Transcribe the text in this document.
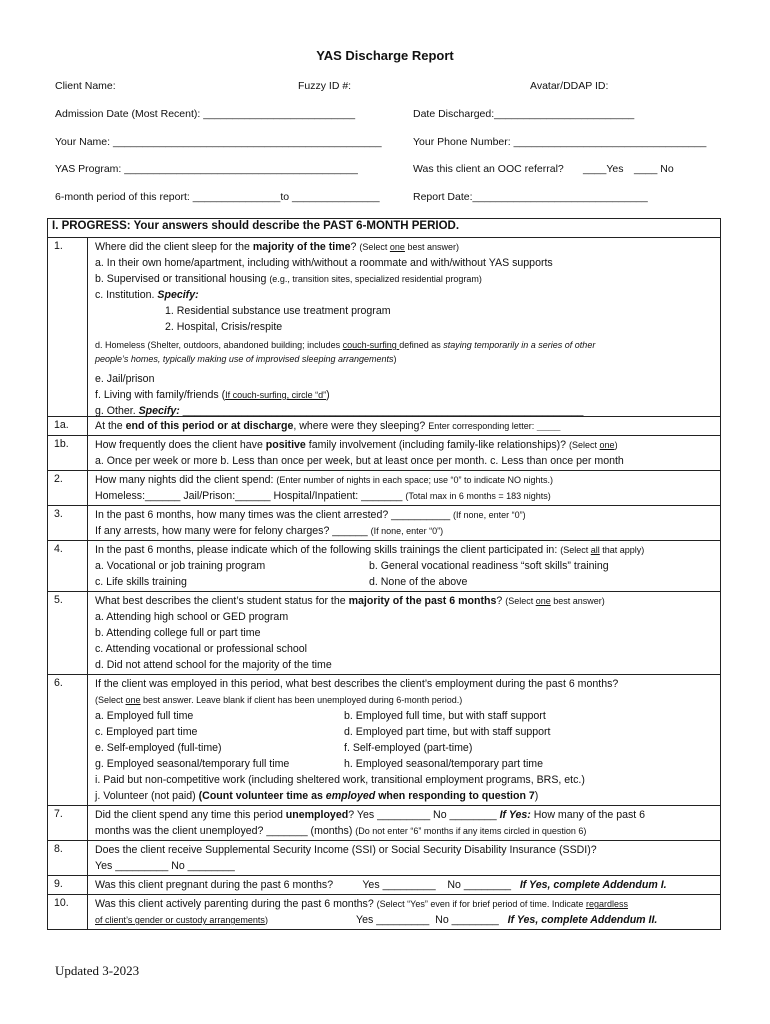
YAS Discharge Report
Client Name:	Fuzzy ID #:	Avatar/DDAP ID:
Admission Date (Most Recent): __________________________	Date Discharged:________________________
Your Name: ______________________________________________	Your Phone Number: _________________________________
YAS Program: ________________________________________	Was this client an OOC referral? ____Yes ____ No
6-month period of this report: _______________to _______________	Report Date:______________________________
I. PROGRESS: Your answers should describe the PAST 6-MONTH PERIOD.
1.	Where did the client sleep for the majority of the time? (Select one best answer)
a. In their own home/apartment, including with/without a roommate and with/without YAS supports
b. Supervised or transitional housing (e.g., transition sites, specialized residential program)
c. Institution. Specify:
1. Residential substance use treatment program
2. Hospital, Crisis/respite
d. Homeless (Shelter, outdoors, abandoned building; includes couch-surfing defined as staying temporarily in a series of other
people’s homes, typically making use of improvised sleeping arrangements)
e. Jail/prison
f. Living with family/friends (If couch-surfing, circle “d”)
g. Other. Specify: ____________________________________________________________________
1a.	At the end of this period or at discharge, where were they sleeping? Enter corresponding letter: ____
1b.	How frequently does the client have positive family involvement (including family-like relationships)? (Select one)
a. Once per week or more b. Less than once per week, but at least once per month. c. Less than once per month
2.	How many nights did the client spend: (Enter number of nights in each space; use “0” to indicate NO nights.)
Homeless:______ Jail/Prison:______ Hospital/Inpatient: _______ (Total max in 6 months = 183 nights)
3.	In the past 6 months, how many times was the client arrested? __________ (If none, enter “0”)
If any arrests, how many were for felony charges? ______ (If none, enter “0”)
4.	In the past 6 months, please indicate which of the following skills trainings the client participated in: (Select all that apply)
a. Vocational or job training program	b. General vocational readiness “soft skills” training
c. Life skills training	d. None of the above
5.	What best describes the client’s student status for the majority of the past 6 months? (Select one best answer)
a. Attending high school or GED program
b. Attending college full or part time
c. Attending vocational or professional school
d. Did not attend school for the majority of the time
6.	If the client was employed in this period, what best describes the client’s employment during the past 6 months?
(Select one best answer. Leave blank if client has been unemployed during 6-month period.)
a. Employed full time	b. Employed full time, but with staff support
c. Employed part time	d. Employed part time, but with staff support
e. Self-employed (full-time)	f. Self-employed (part-time)
g. Employed seasonal/temporary full time	h. Employed seasonal/temporary part time
i. Paid but non-competitive work (including sheltered work, transitional employment programs, BRS, etc.)
j. Volunteer (not paid) (Count volunteer time as employed when responding to question 7)
7.	Did the client spend any time this period unemployed? Yes _________ No ________ If Yes: How many of the past 6
months was the client unemployed? _______ (months) (Do not enter “6” months if any items circled in question 6)
8.	Does the client receive Supplemental Security Income (SSI) or Social Security Disability Insurance (SSDI)?
Yes _________ No ________
9.	Was this client pregnant during the past 6 months?          Yes _________    No ________   If Yes, complete Addendum I.
10.	Was this client actively parenting during the past 6 months? (Select “Yes” even if for brief period of time. Indicate regardless
of client’s gender or custody arrangements)                              Yes _________  No ________   If Yes, complete Addendum II.
Updated 3-2023
